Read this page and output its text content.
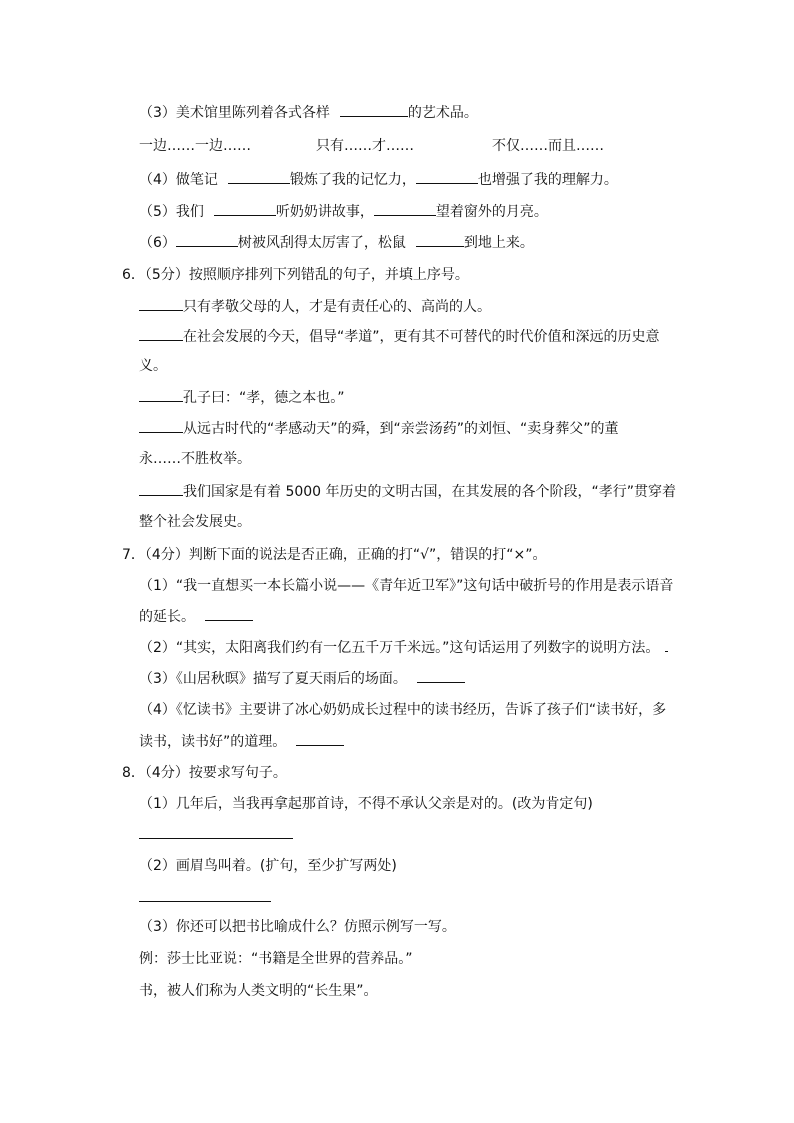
（3）美术馆里陈列着各式各样	的艺术品。
一边……一边……	只有……才……	不仅……而且……
（4）做笔记	锻炼了我的记忆力，	也增强了我的理解力。
（5）我们	听奶奶讲故事，	望着窗外的月亮。
（6）	树被风刮得太厉害了，松鼠	到地上来。
6．（5分）按照顺序排列下列错乱的句子，并填上序号。
只有孝敬父母的人，才是有责任心的、高尚的人。
在社会发展的今天，倡导“孝道”，更有其不可替代的时代价值和深远的历史意
义。
孔子曰：“孝，德之本也。”
从远古时代的“孝感动天”的舜，到“亲尝汤药”的刘恒、“卖身葬父”的董
永……不胜枚举。
我们国家是有着 5000 年历史的文明古国，在其发展的各个阶段，“孝行”贯穿着
整个社会发展史。
7．（4分）判断下面的说法是否正确，正确的打“√”，错误的打“×”。
（1）“我一直想买一本长篇小说——《青年近卫军》”这句话中破折号的作用是表示语音
的延长。
（2）“其实，太阳离我们约有一亿五千万千米远。”这句话运用了列数字的说明方法。
（3）《山居秋暝》描写了夏天雨后的场面。
（4）《忆读书》主要讲了冰心奶奶成长过程中的读书经历，告诉了孩子们“读书好，多
读书，读书好”的道理。
8．（4分）按要求写句子。
（1）几年后，当我再拿起那首诗，不得不承认父亲是对的。(改为肯定句)
（2）画眉鸟叫着。(扩句，至少扩写两处)
（3）你还可以把书比喻成什么？仿照示例写一写。
例：莎士比亚说：“书籍是全世界的营养品。”
书，被人们称为人类文明的“长生果”。
